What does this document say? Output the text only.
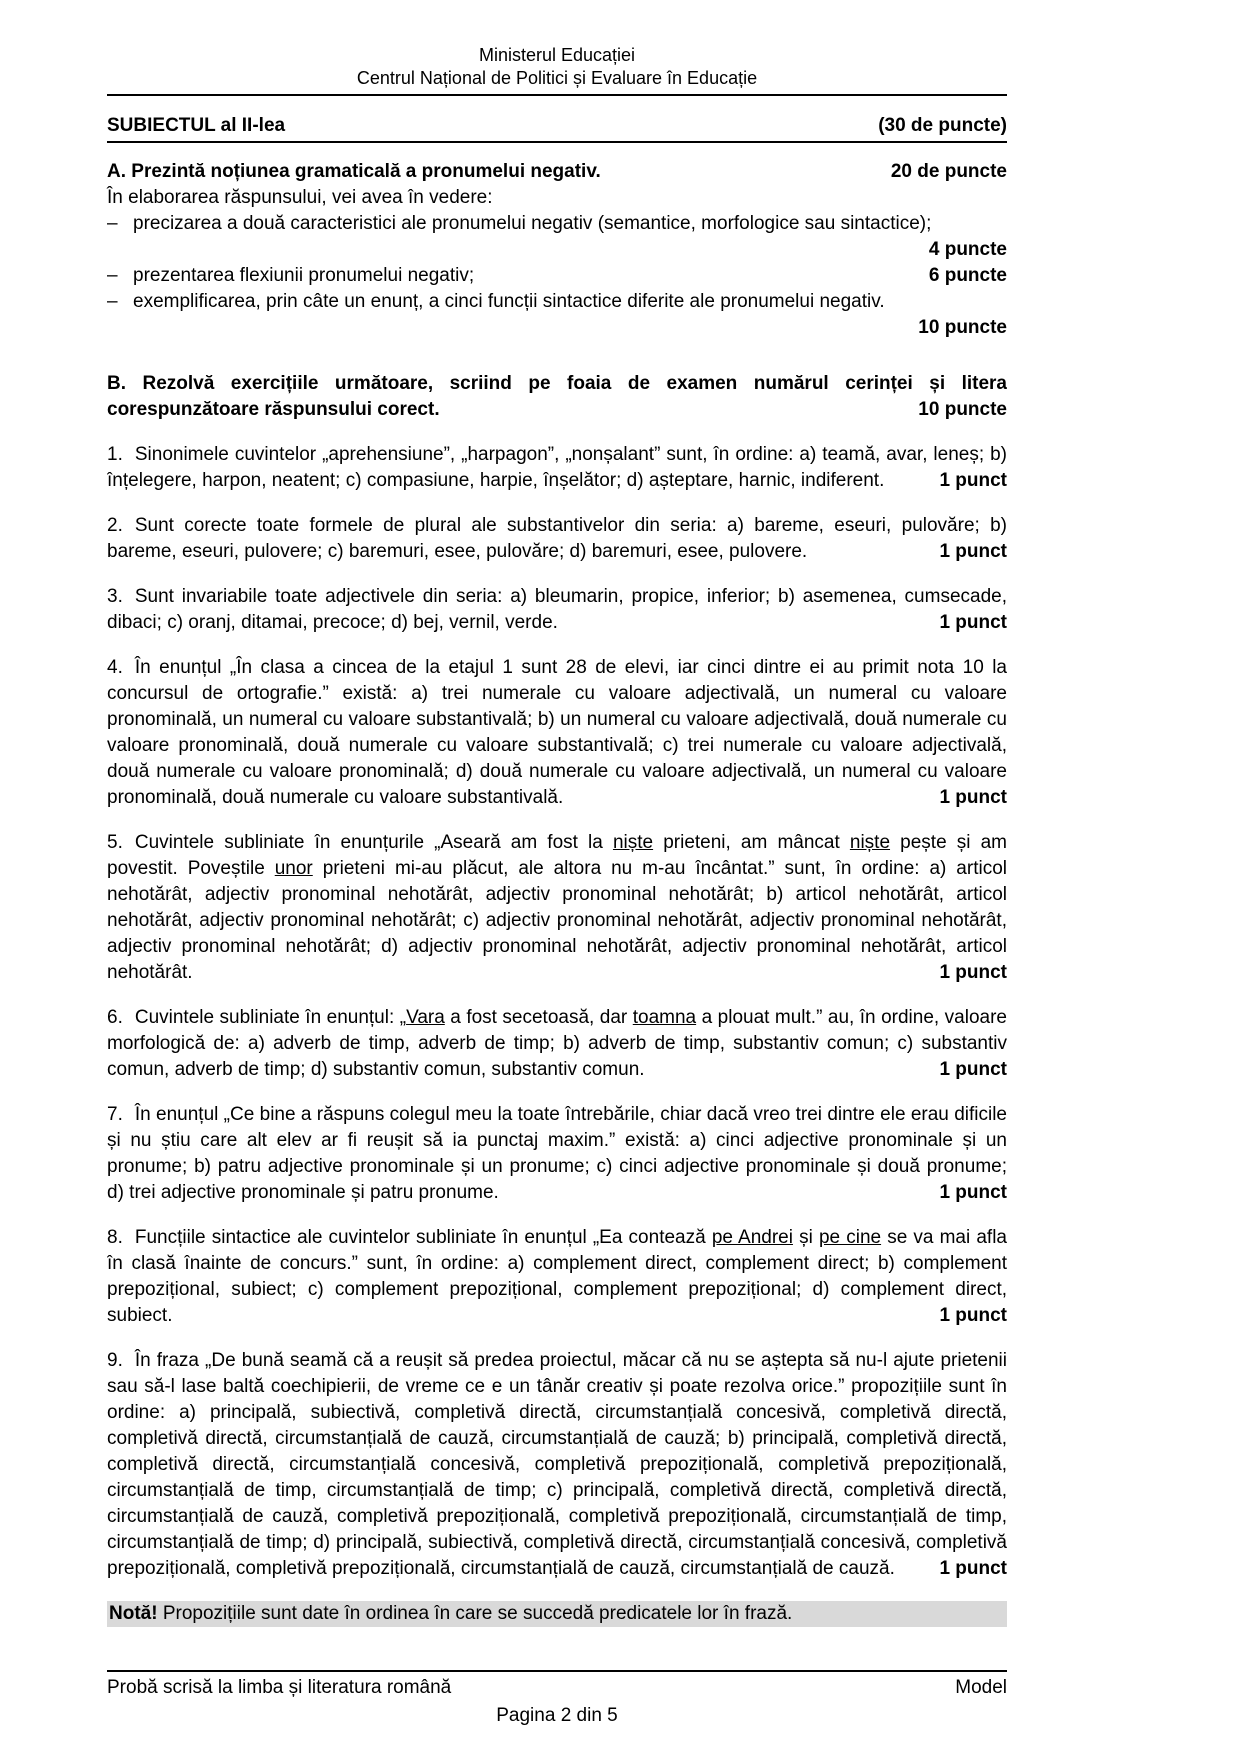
Ministerul Educației
Centrul Național de Politici și Evaluare în Educație
SUBIECTUL al II-lea	(30 de puncte)
A. Prezintă noțiunea gramaticală a pronumelui negativ.	20 de puncte
În elaborarea răspunsului, vei avea în vedere:
– precizarea a două caracteristici ale pronumelui negativ (semantice, morfologice sau sintactice);
4 puncte
– prezentarea flexiunii pronumelui negativ;	6 puncte
– exemplificarea, prin câte un enunț, a cinci funcții sintactice diferite ale pronumelui negativ.
10 puncte

B. Rezolvă exercițiile următoare, scriind pe foaia de examen numărul cerinței și litera corespunzătoare răspunsului corect.	10 puncte

1. Sinonimele cuvintelor „aprehensiune”, „harpagon”, „nonșalant” sunt, în ordine: a) teamă, avar, leneș; b) înțelegere, harpon, neatent; c) compasiune, harpie, înșelător; d) așteptare, harnic, indiferent.	1 punct

2. Sunt corecte toate formele de plural ale substantivelor din seria: a) bareme, eseuri, pulovăre; b) bareme, eseuri, pulovere; c) baremuri, esee, pulovăre; d) baremuri, esee, pulovere.	1 punct

3. Sunt invariabile toate adjectivele din seria: a) bleumarin, propice, inferior; b) asemenea, cumsecade, dibaci; c) oranj, ditamai, precoce; d) bej, vernil, verde.	1 punct

4. În enunțul „În clasa a cincea de la etajul 1 sunt 28 de elevi, iar cinci dintre ei au primit nota 10 la concursul de ortografie.” există: a) trei numerale cu valoare adjectivală, un numeral cu valoare pronominală, un numeral cu valoare substantivală; b) un numeral cu valoare adjectivală, două numerale cu valoare pronominală, două numerale cu valoare substantivală; c) trei numerale cu valoare adjectivală, două numerale cu valoare pronominală; d) două numerale cu valoare adjectivală, un numeral cu valoare pronominală, două numerale cu valoare substantivală.	1 punct

5. Cuvintele subliniate în enunțurile „Aseară am fost la niște prieteni, am mâncat niște pește și am povestit. Poveștile unor prieteni mi-au plăcut, ale altora nu m-au încântat.” sunt, în ordine: a) articol nehotărât, adjectiv pronominal nehotărât, adjectiv pronominal nehotărât; b) articol nehotărât, articol nehotărât, adjectiv pronominal nehotărât; c) adjectiv pronominal nehotărât, adjectiv pronominal nehotărât, adjectiv pronominal nehotărât; d) adjectiv pronominal nehotărât, adjectiv pronominal nehotărât, articol nehotărât.	1 punct

6. Cuvintele subliniate în enunțul: „Vara a fost secetoasă, dar toamna a plouat mult.” au, în ordine, valoare morfologică de: a) adverb de timp, adverb de timp; b) adverb de timp, substantiv comun; c) substantiv comun, adverb de timp; d) substantiv comun, substantiv comun.	1 punct

7. În enunțul „Ce bine a răspuns colegul meu la toate întrebările, chiar dacă vreo trei dintre ele erau dificile și nu știu care alt elev ar fi reușit să ia punctaj maxim.” există: a) cinci adjective pronominale și un pronume; b) patru adjective pronominale și un pronume; c) cinci adjective pronominale și două pronume; d) trei adjective pronominale și patru pronume.	1 punct

8. Funcțiile sintactice ale cuvintelor subliniate în enunțul „Ea contează pe Andrei și pe cine se va mai afla în clasă înainte de concurs.” sunt, în ordine: a) complement direct, complement direct; b) complement prepozițional, subiect; c) complement prepozițional, complement prepozițional; d) complement direct, subiect.	1 punct

9. În fraza „De bună seamă că a reușit să predea proiectul, măcar că nu se aștepta să nu-l ajute prietenii sau să-l lase baltă coechipierii, de vreme ce e un tânăr creativ și poate rezolva orice.” propozițiile sunt în ordine: a) principală, subiectivă, completivă directă, circumstanțială concesivă, completivă directă, completivă directă, circumstanțială de cauză, circumstanțială de cauză; b) principală, completivă directă, completivă directă, circumstanțială concesivă, completivă prepozițională, completivă prepozițională, circumstanțială de timp, circumstanțială de timp; c) principală, completivă directă, completivă directă, circumstanțială de cauză, completivă prepozițională, completivă prepozițională, circumstanțială de timp, circumstanțială de timp; d) principală, subiectivă, completivă directă, circumstanțială concesivă, completivă prepozițională, completivă prepozițională, circumstanțială de cauză, circumstanțială de cauză.	1 punct

Notă! Propozițiile sunt date în ordinea în care se succedă predicatele lor în frază.

Probă scrisă la limba și literatura română	Model
Pagina 2 din 5
